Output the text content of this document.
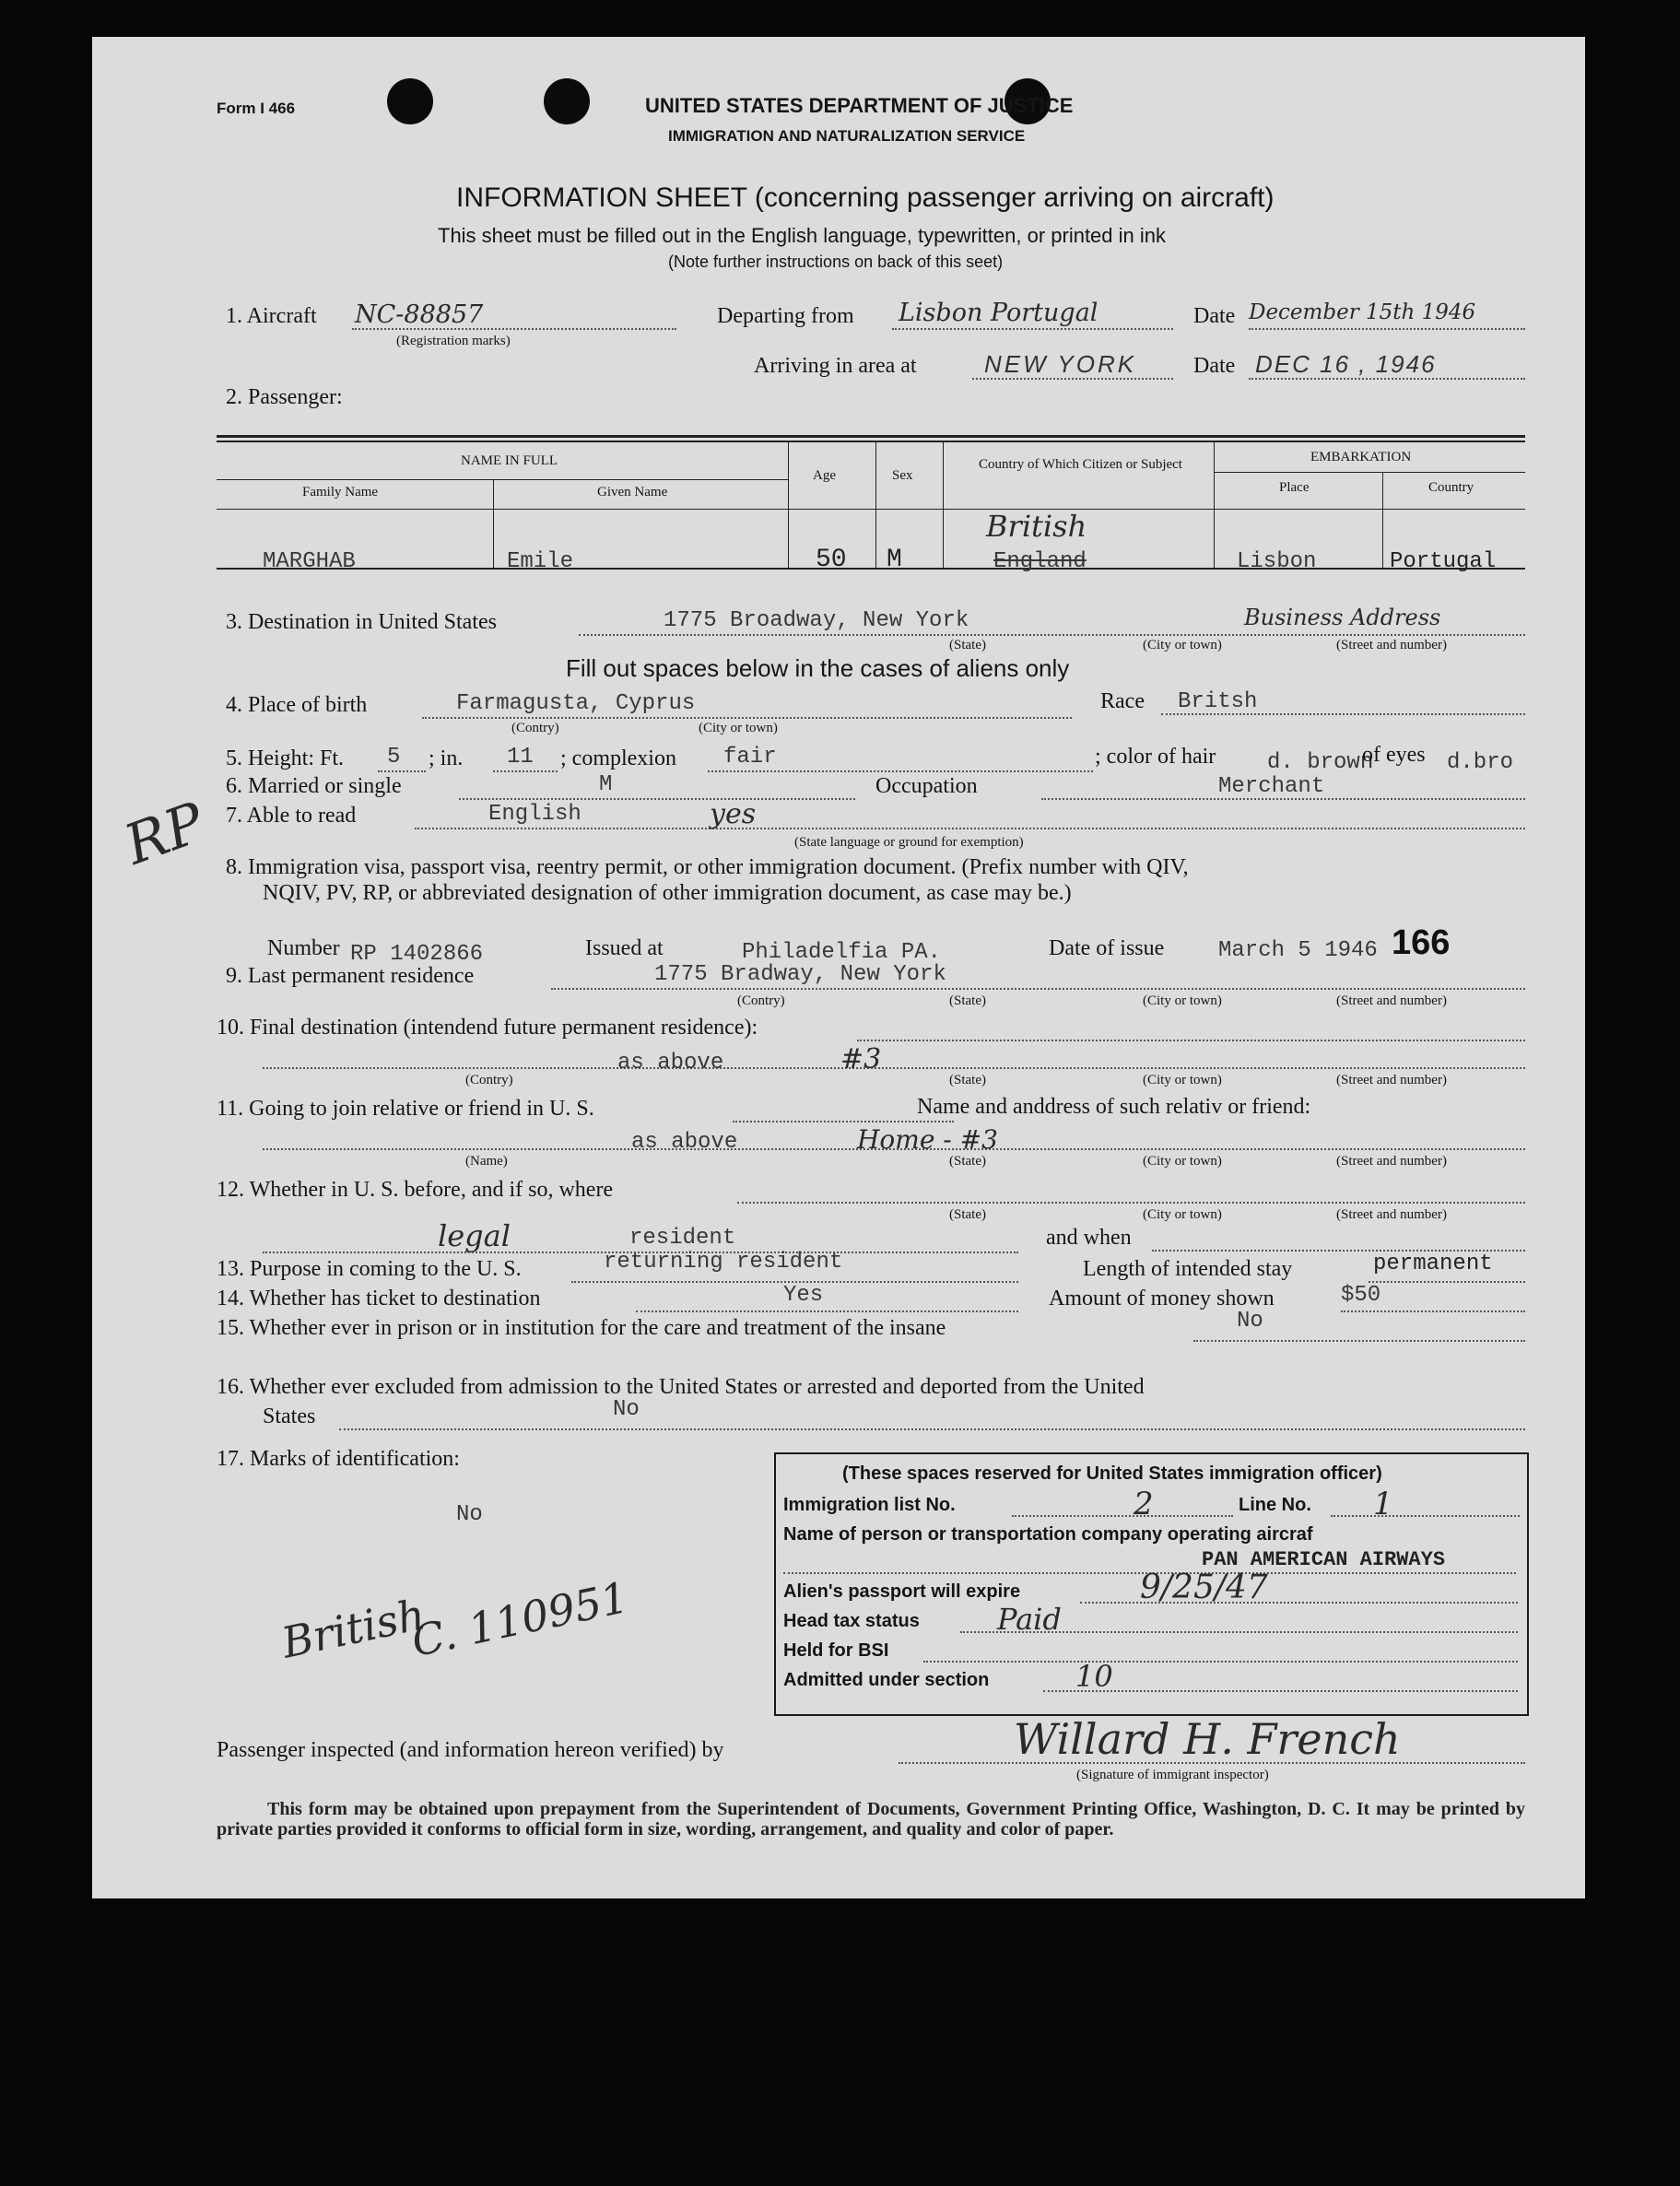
Form I 466	UNITED STATES DEPARTMENT OF JUSTICE
IMMIGRATION AND NATURALIZATION SERVICE
INFORMATION SHEET (concerning passenger arriving on aircraft)
This sheet must be filled out in the English language, typewritten, or printed in ink
(Note further instructions on back of this seet)
1. Aircraft NC-88857
(Registration marks)
Departing from Lisbon Portugal	Date December 15th 1946
Arriving in area at	NEW YORK	Date DEC 16 , 1946
2. Passenger:
NAME IN FULL
Family Name	Given Name
Age	Sex
Country of Which Citizen or Subject	EMBARKATION
Place	Country
MARGHAB	Emile	50 M
British
England	Lisbon	Portugal
3. Destination in United States	1775 Broadway, New York	Business Address
(State)	(City or town)	(Street and number)
Fill out spaces below in the cases of aliens only
4. Place of birth	Farmagusta, Cyprus
(Contry)	(City or town)
Race Britsh
5. Height: Ft. 5 ; in. 11 ; complexion fair	; color of hair d. brown
of eyes d.bro
6. Married or single	M	Occupation	Merchant
7. Able to read	English	yes
(State language or ground for exemption)
RP 8. Immigration visa, passport visa, reentry permit, or other immigration document. (Prefix number with QIV,
NQIV, PV, RP, or abbreviated designation of other immigration document, as case may be.)
Number RP 1402866	Issued at	Philadelfia PA.	Date of issue March 5 1946 166
9. Last permanent residence	1775 Bradway, New York
(Contry)	(State)	(City or town)	(Street and number)
10. Final destination (intendend future permanent residence):
as above	#3
(Contry)	(State)	(City or town)	(Street and number)
11. Going to join relative or friend in U. S.	Name and anddress of such relativ or friend:
as above	Home - #3
(Name)	(State)	(City or town)	(Street and number)
12. Whether in U. S. before, and if so, where
(State)	(City or town)	(Street and number)
legal	resident	and when
13. Purpose in coming to the U. S.	returning resident	Length of intended stay	permanent
14. Whether has ticket to destination	Yes	Amount of money shown	$50
15. Whether ever in prison or in institution for the care and treatment of the insane	No
16. Whether ever excluded from admission to the United States or arrested and deported from the United
States	No
17. Marks of identification:
No
British
C. 110951
(These spaces reserved for United States immigration officer)
Immigration list No.	2	Line No. 1
Name of person or transportation company operating aircraf
PAN AMERICAN AIRWAYS
Alien's passport will expire	9/25/47
Head tax status	Paid
Held for BSI
Admitted under section	10
Passenger inspected (and information hereon verified) by	Willard H. French
(Signature of immigrant inspector)
This form may be obtained upon prepayment from the Superintendent of Documents, Government Printing Office, Washington, D. C. It may be printed by private parties provided it conforms to official form in size, wording, arrangement, and quality and color of paper.
